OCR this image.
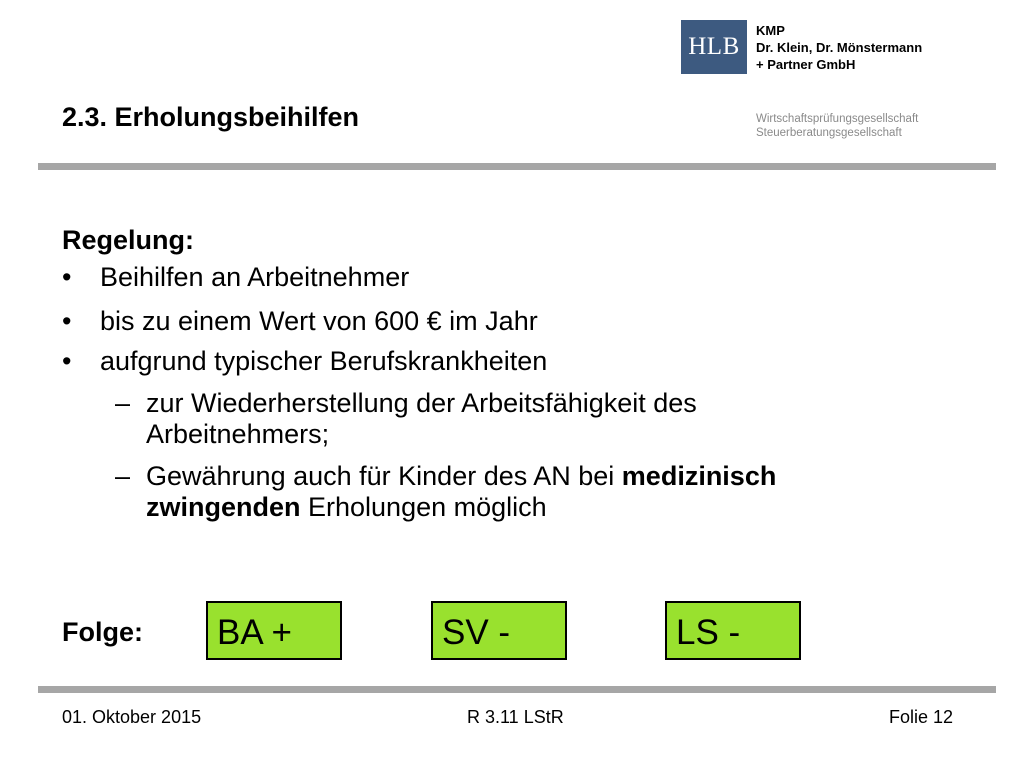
HLB
KMP
Dr. Klein, Dr. Mönstermann
+ Partner GmbH
2.3. Erholungsbeihilfen	Wirtschaftsprüfungsgesellschaft
Steuerberatungsgesellschaft
Regelung:
• Beihilfen an Arbeitnehmer
• bis zu einem Wert von 600 € im Jahr
• aufgrund typischer Berufskrankheiten
– zur Wiederherstellung der Arbeitsfähigkeit des
Arbeitnehmers;
– Gewährung auch für Kinder des AN bei medizinisch
zwingenden Erholungen möglich
Folge:	BA +	SV -	LS -
01. Oktober 2015	R 3.11 LStR	Folie 12
